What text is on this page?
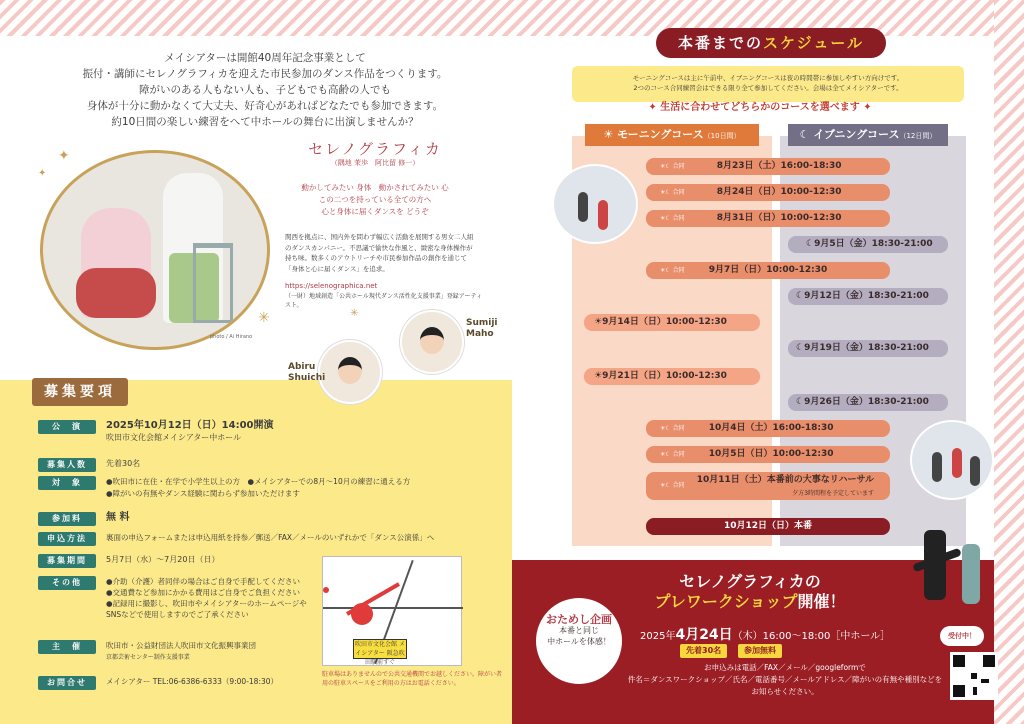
メイシアターは開館40周年記念事業として
振付・講師にセレノグラフィカを迎えた市民参加のダンス作品をつくります。
障がいのある人もない人も、子どもでも高齢の人でも
身体が十分に動かなくて大丈夫、好奇心があればどなたでも参加できます。
約10日間の楽しい練習をへて中ホールの舞台に出演しませんか？
✦
✦
✳	✳
photo / Ai Hirano
セレノグラフィカ
（隅地 茉歩　阿比留 修一）
動かしてみたい 身体　動かされてみたい 心
この二つを持っている全ての方へ
心と身体に届くダンスを どうぞ
関西を拠点に、国内外を問わず幅広く活動を展開する男女二人組のダンスカンパニー。不思議で愉快な作風と、緻密な身体操作が持ち味。数多くのアウトリーチや市民参加作品の創作を通じて「身体と心に届くダンス」を追求。
https://selenographica.net
（一財）地域創造「公共ホール現代ダンス活性化支援事業」登録アーティスト。
Sumiji
Maho
Abiru
Shuichi
募集要項
公　演	2025年10月12日（日）14:00開演
吹田市文化会館メイシアター中ホール
募集人数	先着30名
対　象	●吹田市に在住・在学で小学生以上の方　●メイシアターでの8月～10月の練習に通える方
●障がいの有無やダンス経験に関わらず参加いただけます
参加料	無 料
申込方法	裏面の申込フォームまたは申込用紙を持参／郵送／FAX／メールのいずれかで「ダンス公演係」へ
募集期間	5月7日（水）～7月20日（日）
その他	●介助（介護）者同伴の場合はご自身で手配してください
●交通費など参加にかかる費用はご自身でご負担ください
●記録用に撮影し、吹田市やメイシアターのホームページやSNSなどで使用しますのでご了承ください
主　催	吹田市・公益財団法人吹田市文化振興事業団
京都芸術センター制作支援事業
お問合せ	メイシアター TEL:06-6386-6333（9:00-18:30）
吹田市文化会館 メイシアター 阪急吹田駅前すぐ
駐車場はありませんので公共交通機関でお越しください。障がい者用の駐車スペースをご利用の方はお電話ください。
本番までのスケジュール
モーニングコースは主に午前中、イブニングコースは夜の時間帯に参加しやすい方向けです。
2つのコース合同練習会はできる限り全て参加してください。会場は全てメイシアターです。
✦ 生活に合わせてどちらかのコースを選べます ✦
☀ モーニングコース（10日間）	☾ イブニングコース（12日間）
☀☾ 合同	8月23日（土）16:00-18:30
☀☾ 合同	8月24日（日）10:00-12:30
☀☾ 合同	8月31日（日）10:00-12:30
☾ 9月5日（金）18:30-21:00
☀☾ 合同	9月7日（日）10:00-12:30
☾ 9月12日（金）18:30-21:00
☀ 9月14日（日）10:00-12:30
☾ 9月19日（金）18:30-21:00
☀ 9月21日（日）10:00-12:30
☾ 9月26日（金）18:30-21:00
☀☾ 合同	10月4日（土）16:00-18:30
☀☾ 合同	10月5日（日）10:00-12:30
☀☾ 合同
10月11日（土）本番前の大事なリハーサル
夕方3時間程を予定しています
10月12日（日）本番
セレノグラフィカの
プレワークショップ開催！
おためし企画
本番と同じ
中ホールを体感！	2025年4月24日（木）16:00～18:00［中ホール］
先着30名	参加無料
お申込みは電話／FAX／メール／googleformで
件名＝ダンスワークショップ／氏名／電話番号／メールアドレス／障がいの有無や種別などを
お知らせください。
受付中！
